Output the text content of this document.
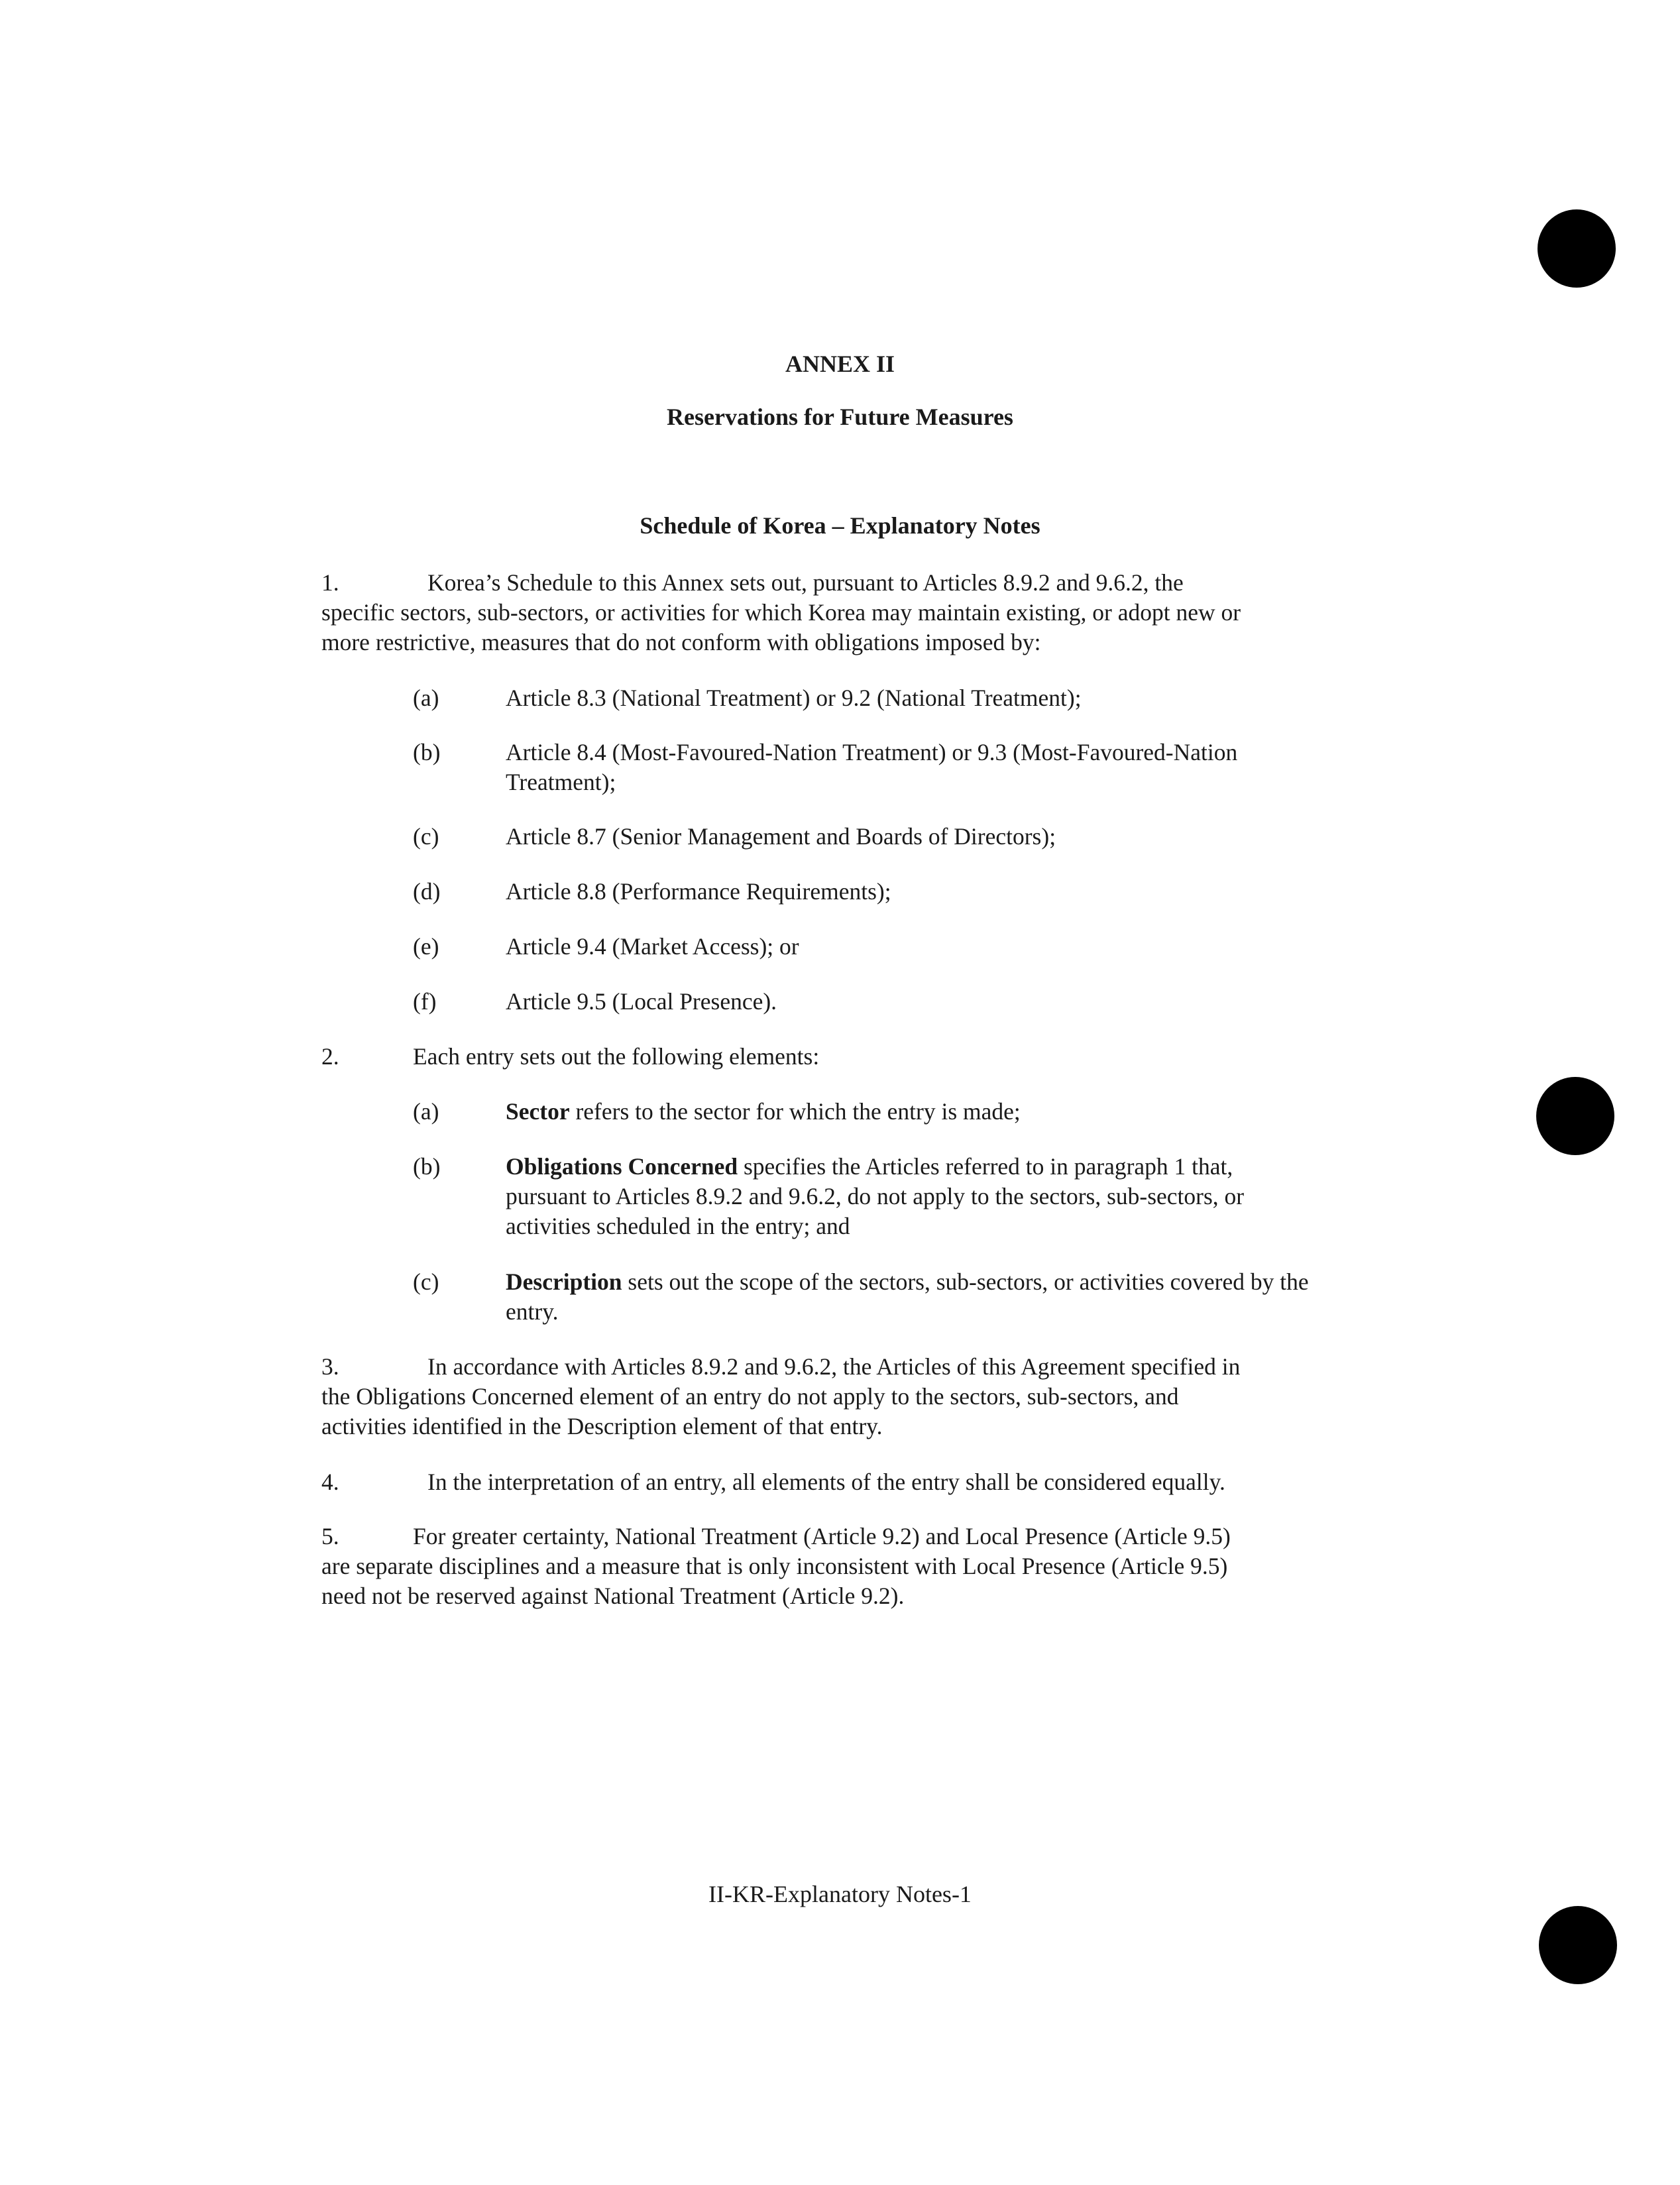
ANNEX II
Reservations for Future Measures
Schedule of Korea – Explanatory Notes
1.	Korea’s Schedule to this Annex sets out, pursuant to Articles 8.9.2 and 9.6.2, the
specific sectors, sub-sectors, or activities for which Korea may maintain existing, or adopt new or
more restrictive, measures that do not conform with obligations imposed by:
(a)	Article 8.3 (National Treatment) or 9.2 (National Treatment);
(b)	Article 8.4 (Most-Favoured-Nation Treatment) or 9.3 (Most-Favoured-Nation Treatment);
(c)	Article 8.7 (Senior Management and Boards of Directors);
(d)	Article 8.8 (Performance Requirements);
(e)	Article 9.4 (Market Access); or
(f)	Article 9.5 (Local Presence).
2.	Each entry sets out the following elements:
(a)	Sector refers to the sector for which the entry is made;
(b)	Obligations Concerned specifies the Articles referred to in paragraph 1 that, pursuant to Articles 8.9.2 and 9.6.2, do not apply to the sectors, sub-sectors, or activities scheduled in the entry; and
(c)	Description sets out the scope of the sectors, sub-sectors, or activities covered by the entry.
3.	In accordance with Articles 8.9.2 and 9.6.2, the Articles of this Agreement specified in
the Obligations Concerned element of an entry do not apply to the sectors, sub-sectors, and
activities identified in the Description element of that entry.
4.	In the interpretation of an entry, all elements of the entry shall be considered equally.
5.	For greater certainty, National Treatment (Article 9.2) and Local Presence (Article 9.5)
are separate disciplines and a measure that is only inconsistent with Local Presence (Article 9.5)
need not be reserved against National Treatment (Article 9.2).
II-KR-Explanatory Notes-1
